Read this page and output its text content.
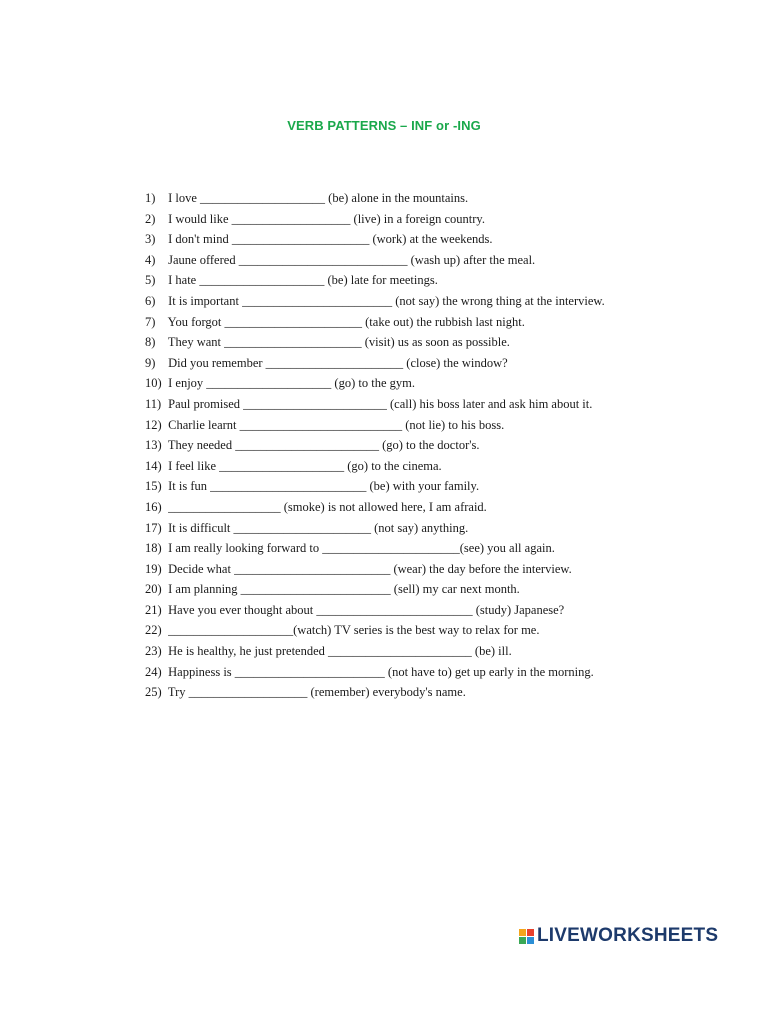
VERB PATTERNS – INF or -ING
1) I love ____________________ (be) alone in the mountains.
2) I would like ___________________ (live) in a foreign country.
3) I don't mind ______________________ (work) at the weekends.
4) Jaune offered ___________________________ (wash up) after the meal.
5) I hate ____________________ (be) late for meetings.
6) It is important ________________________ (not say) the wrong thing at the interview.
7) You forgot ______________________ (take out) the rubbish last night.
8) They want ______________________ (visit) us as soon as possible.
9) Did you remember ______________________ (close) the window?
10) I enjoy ____________________ (go) to the gym.
11) Paul promised _______________________ (call) his boss later and ask him about it.
12) Charlie learnt __________________________ (not lie) to his boss.
13) They needed _______________________ (go) to the doctor's.
14) I feel like ____________________ (go) to the cinema.
15) It is fun _________________________ (be) with your family.
16) __________________ (smoke) is not allowed here, I am afraid.
17) It is difficult ______________________ (not say) anything.
18) I am really looking forward to ______________________(see) you all again.
19) Decide what _________________________ (wear) the day before the interview.
20) I am planning ________________________ (sell) my car next month.
21) Have you ever thought about _________________________ (study) Japanese?
22) ____________________(watch) TV series is the best way to relax for me.
23) He is healthy, he just pretended _______________________ (be) ill.
24) Happiness is ________________________ (not have to) get up early in the morning.
25) Try ___________________ (remember) everybody's name.
LIVEWORKSHEETS
